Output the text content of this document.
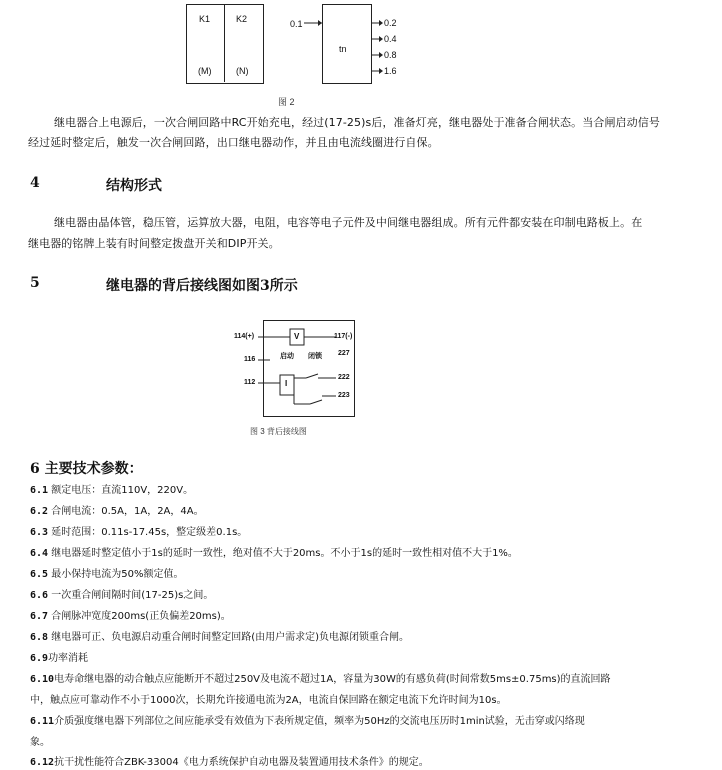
K1	K2
(M)	(N)
0.1
tn
0.2
0.4
0.8
1.6
图 2
继电器合上电源后，一次合闸回路中RC开始充电，经过(17-25)s后，准备灯亮，继电器处于准备合闸状态。当合闸启动信号
经过延时整定后，触发一次合闸回路，出口继电器动作，并且由电流线圈进行自保。
4	结构形式
继电器由晶体管，稳压管，运算放大器，电阻，电容等电子元件及中间继电器组成。所有元件都安装在印制电路板上。在
继电器的铭牌上装有时间整定拨盘开关和DIP开关。
5	继电器的背后接线图如图3所示
114(+)	117(-)
V
116	启动 闭锁 227
112	I
222
223
图 3 背后接线图
6 主要技术参数：
6.1 额定电压：直流110V，220V。
6.2 合闸电流：0.5A，1A，2A，4A。
6.3 延时范围：0.11s-17.45s，整定级差0.1s。
6.4 继电器延时整定值小于1s的延时一致性，绝对值不大于20ms。不小于1s的延时一致性相对值不大于1%。
6.5 最小保持电流为50%额定值。
6.6 一次重合闸间隔时间(17-25)s之间。
6.7 合闸脉冲宽度200ms(正负偏差20ms)。
6.8 继电器可正、负电源启动重合闸时间整定回路(由用户需求定)负电源闭锁重合闸。
6.9功率消耗
6.10电寿命继电器的动合触点应能断开不超过250V及电流不超过1A，容量为30W的有感负荷(时间常数5ms±0.75ms)的直流回路
中，触点应可靠动作不小于1000次，长期允许接通电流为2A，电流自保回路在额定电流下允许时间为10s。
6.11介质强度继电器下列部位之间应能承受有效值为下表所规定值，频率为50Hz的交流电压历时1min试验，无击穿或闪络现
象。
6.12抗干扰性能符合ZBK-33004《电力系统保护自动电器及装置通用技术条件》的规定。
